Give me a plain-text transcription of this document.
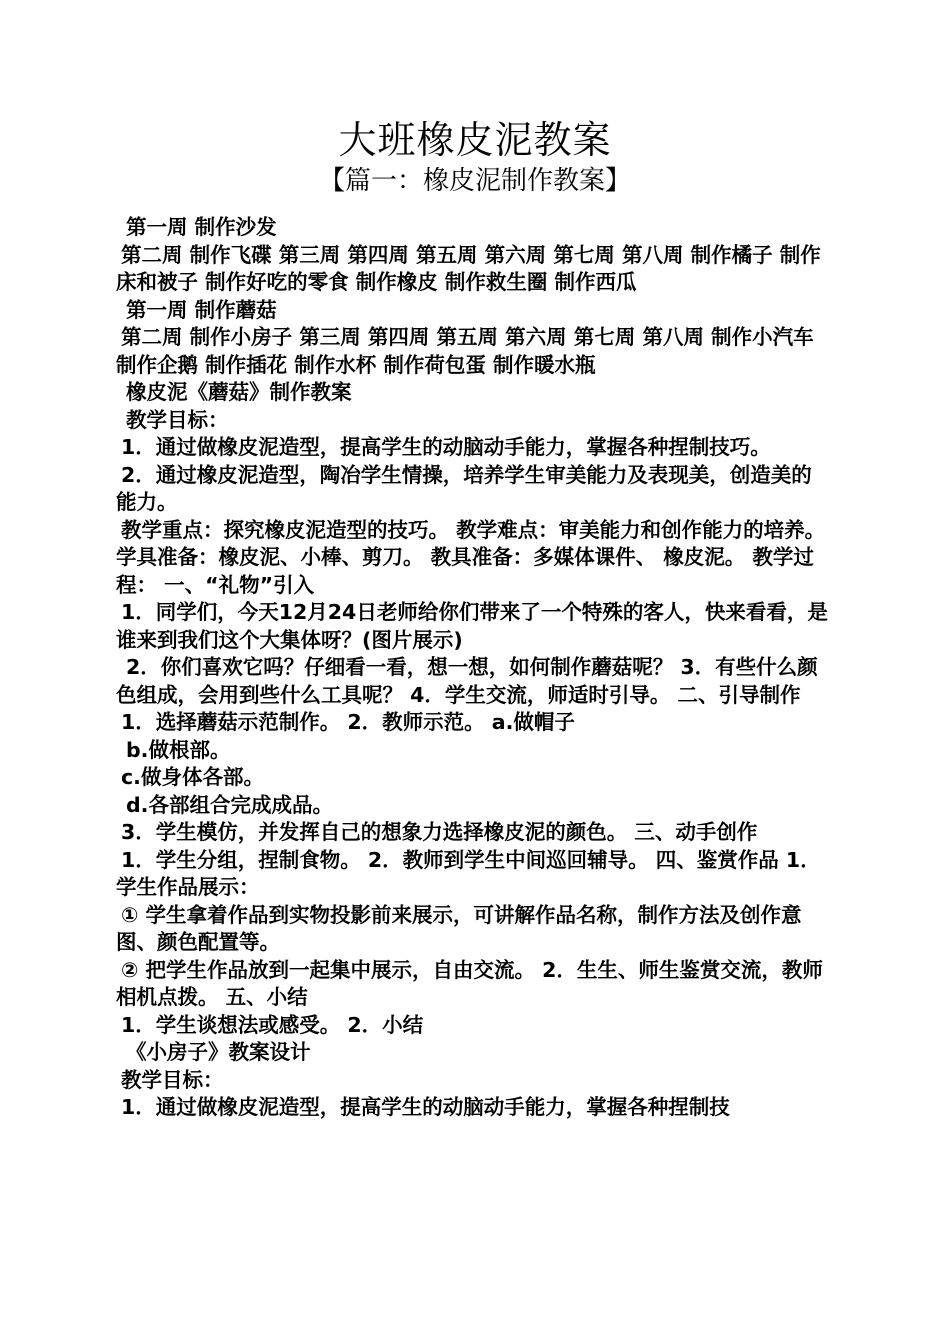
大班橡皮泥教案
【篇一：橡皮泥制作教案】

第一周 制作沙发

第二周 制作飞碟 第三周 第四周 第五周 第六周 第七周 第八周 制作橘子 制作床和被子 制作好吃的零食 制作橡皮 制作救生圈 制作西瓜

第一周 制作蘑菇

第二周 制作小房子 第三周 第四周 第五周 第六周 第七周 第八周 制作小汽车 制作企鹅 制作插花 制作水杯 制作荷包蛋 制作暖水瓶

橡皮泥《蘑菇》制作教案

教学目标：

1．通过做橡皮泥造型，提高学生的动脑动手能力，掌握各种捏制技巧。

2．通过橡皮泥造型，陶冶学生情操，培养学生审美能力及表现美，创造美的能力。

教学重点：探究橡皮泥造型的技巧。 教学难点：审美能力和创作能力的培养。 学具准备：橡皮泥、小棒、剪刀。 教具准备：多媒体课件、 橡皮泥。 教学过程： 一、“礼物”引入

1．同学们，今天12月24日老师给你们带来了一个特殊的客人，快来看看，是谁来到我们这个大集体呀？(图片展示)

2．你们喜欢它吗？仔细看一看，想一想，如何制作蘑菇呢？ 3．有些什么颜色组成，会用到些什么工具呢？ 4．学生交流，师适时引导。 二、引导制作

1．选择蘑菇示范制作。 2．教师示范。 a.做帽子

b.做根部。

c.做身体各部。

d.各部组合完成成品。

3．学生模仿，并发挥自己的想象力选择橡皮泥的颜色。 三、动手创作

1．学生分组，捏制食物。 2．教师到学生中间巡回辅导。 四、鉴赏作品 1． 学生作品展示：

① 学生拿着作品到实物投影前来展示，可讲解作品名称，制作方法及创作意图、颜色配置等。

② 把学生作品放到一起集中展示，自由交流。 2．生生、师生鉴赏交流，教师相机点拨。 五、小结

1．学生谈想法或感受。 2．小结

《小房子》教案设计

教学目标：

1．通过做橡皮泥造型，提高学生的动脑动手能力，掌握各种捏制技
